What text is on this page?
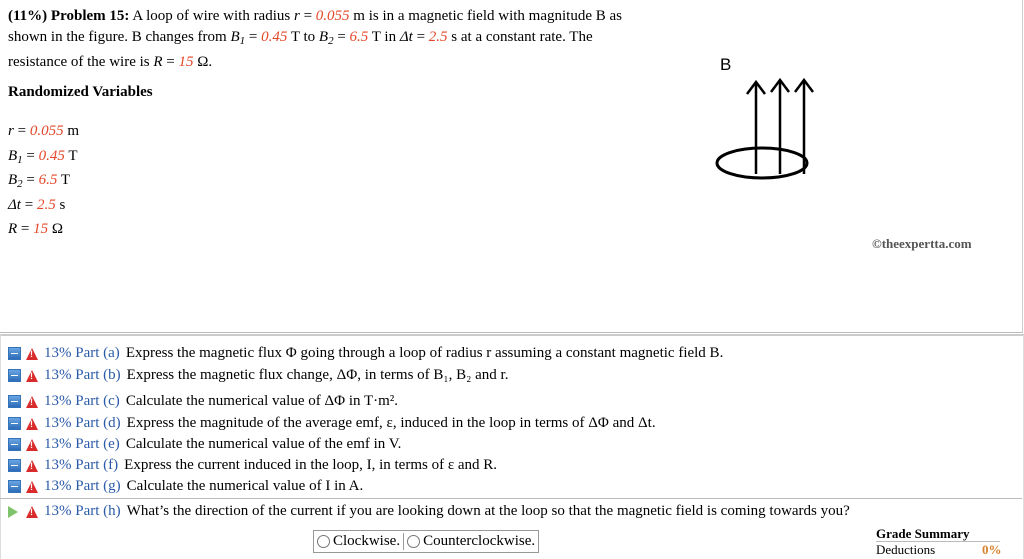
(11%) Problem 15: A loop of wire with radius r = 0.055 m is in a magnetic field with magnitude B as shown in the figure. B changes from $B_1 = 0.45$ T to $B_2 = 6.5$ T in Δt = 2.5 s at a constant rate. The resistance of the wire is R = 15 Ω.
Randomized Variables
r = 0.055 m
$B_1 = 0.45$ T
$B_2 = 6.5$ T
Δt = 2.5 s
R = 15 Ω
B
©theexpertta.com
!
13% Part (a) Express the magnetic flux Φ going through a loop of radius r assuming a constant magnetic field B.
!
13% Part (b) Express the magnetic flux change, ΔΦ, in terms of B₁, B₂ and r.
!
13% Part (c) Calculate the numerical value of ΔΦ in T·m².
!
13% Part (d) Express the magnitude of the average emf, ε, induced in the loop in terms of ΔΦ and Δt.
!
13% Part (e) Calculate the numerical value of the emf in V.
!
13% Part (f) Express the current induced in the loop, I, in terms of ε and R.
!
13% Part (g) Calculate the numerical value of I in A.
!
13% Part (h) What’s the direction of the current if you are looking down at the loop so that the magnetic field is coming towards you?
Clockwise. Counterclockwise.	Grade Summary
Deductions	0%
